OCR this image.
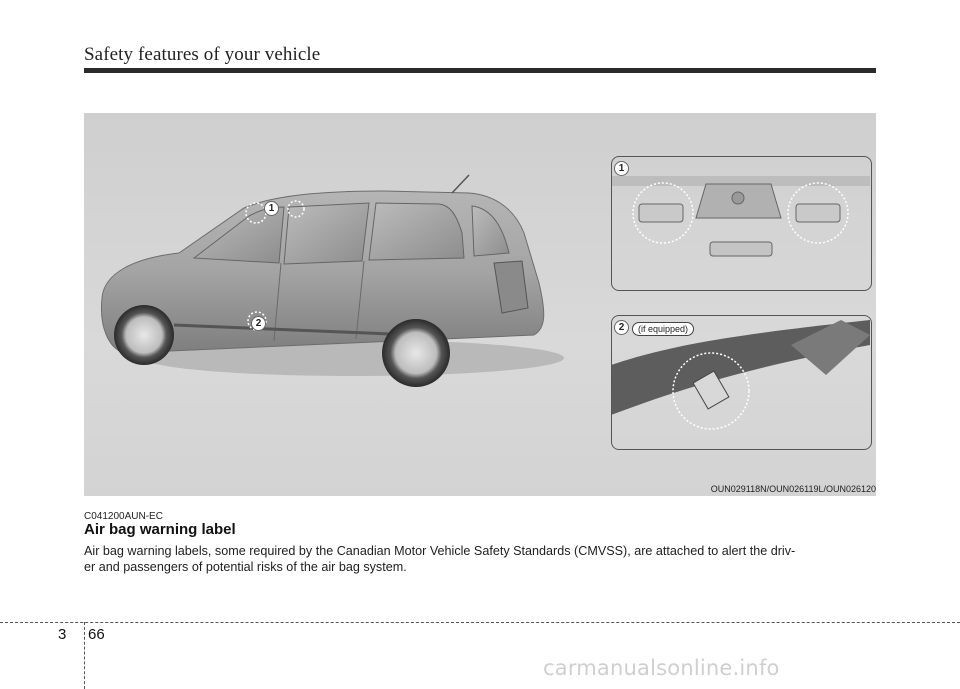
Safety features of your vehicle
1
2
1
2	(if equipped)
OUN029118N/OUN026119L/OUN026120
C041200AUN-EC
Air bag warning label
Air bag warning labels, some required by the Canadian Motor Vehicle Safety Standards (CMVSS), are attached to alert the driv-
er and passengers of potential risks of the air bag system.
3 66
carmanualsonline.info
